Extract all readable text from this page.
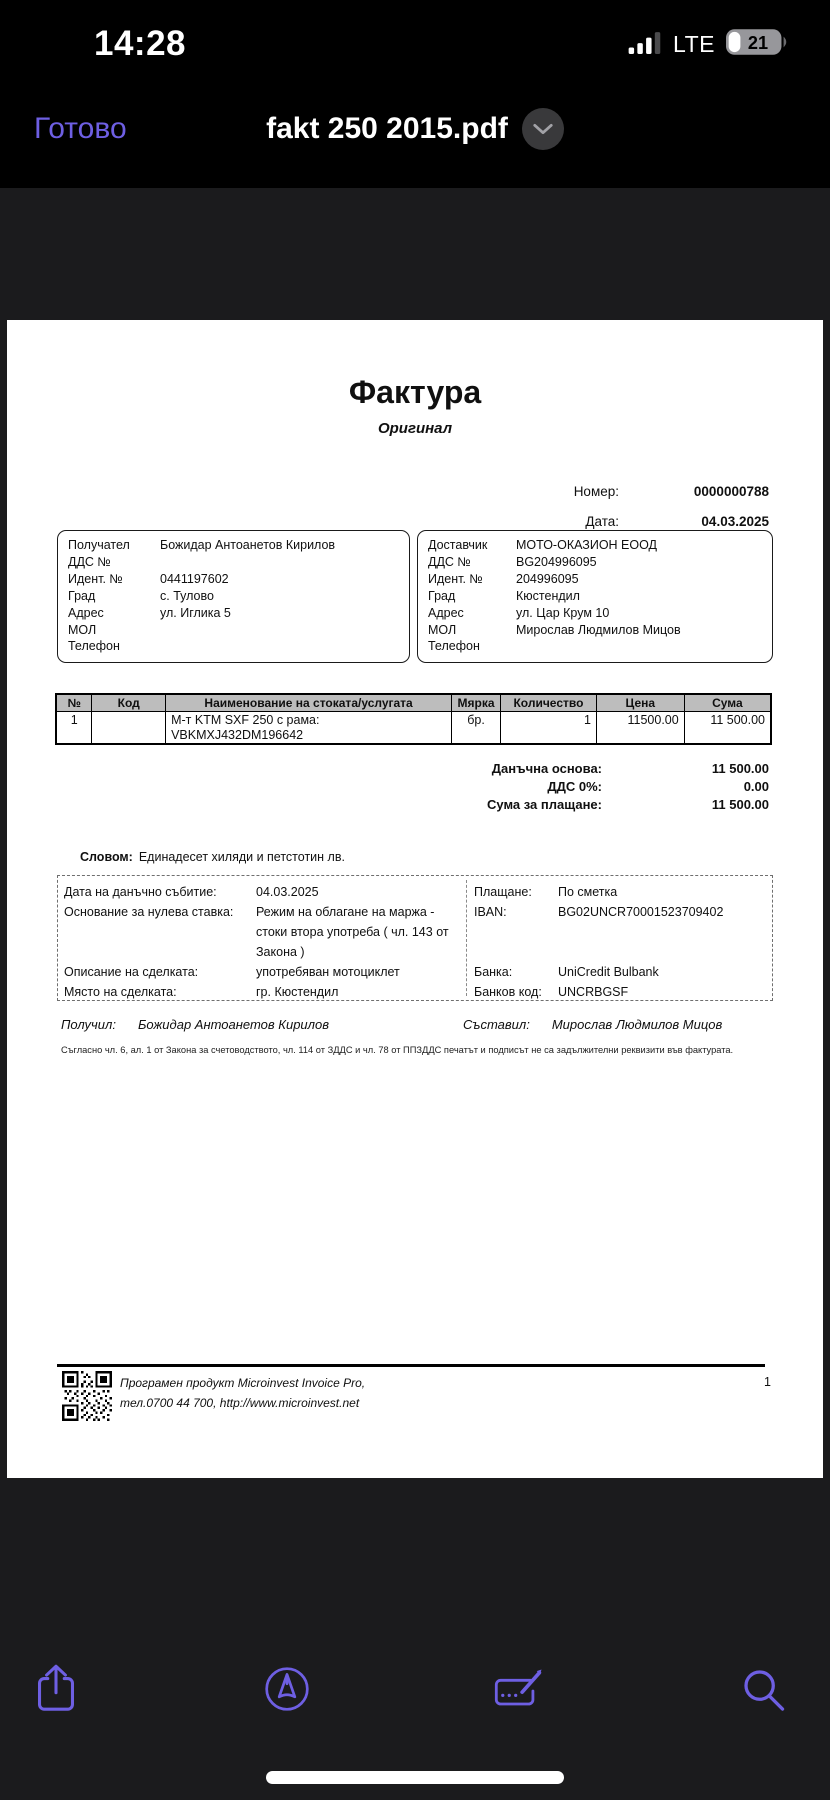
14:28	LTE 21
Готово	fakt 250 2015.pdf
Фактура
Оригинал
Номер:	0000000788
Дата:	04.03.2025
Получател	Божидар Антоанетов Кирилов
ДДС №
Идент. №	0441197602
Град	с. Тулово
Адрес	ул. Иглика 5
МОЛ
Телефон
Доставчик	МОТО-ОКАЗИОН ЕООД
ДДС №	BG204996095
Идент. №	204996095
Град	Кюстендил
Адрес	ул. Цар Крум 10
МОЛ	Мирослав Людмилов Мицов
Телефон
№	Код	Наименование на стоката/услугата	Мярка	Количество	Цена	Сума
1		М-т KTM SXF 250 с рама:
VBKMXJ432DM196642	бр.	1	11500.00	11 500.00
Данъчна основа:	11 500.00
ДДС 0%:	0.00
Сума за плащане:	11 500.00
Словом: Единадесет хиляди и петстотин лв.
Дата на данъчно събитие:	04.03.2025
Основание за нулева ставка:	Режим на облагане на маржа - стоки втора употреба ( чл. 143 от Закона )
Описание на сделката:	употребяван мотоциклет
Място на сделката:	гр. Кюстендил
Плащане:	По сметка
IBAN:	BG02UNCR70001523709402
Банка:	UniCredit Bulbank
Банков код:	UNCRBGSF
Получил: Божидар Антоанетов Кирилов	Съставил: Мирослав Людмилов Мицов
Съгласно чл. 6, ал. 1 от Закона за счетоводството, чл. 114 от ЗДДС и чл. 78 от ППЗДДС печатът и подписът не са задължителни реквизити във фактурата.
Програмен продукт Microinvest Invoice Pro,
тел.0700 44 700, http://www.microinvest.net
1
